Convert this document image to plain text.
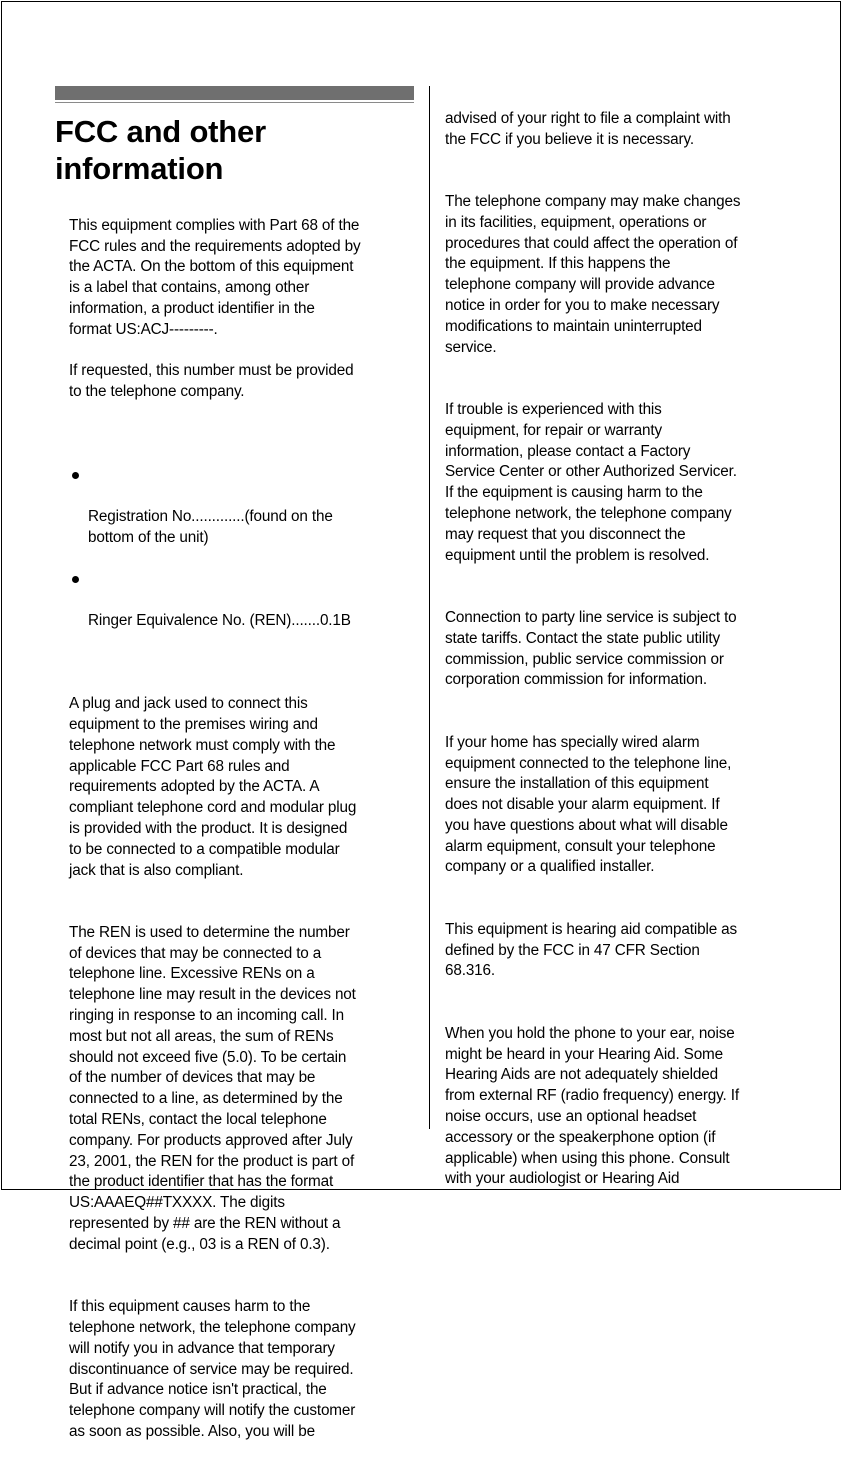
FCC and other
information

This equipment complies with Part 68 of the
FCC rules and the requirements adopted by
the ACTA. On the bottom of this equipment
is a label that contains, among other
information, a product identifier in the
format US:ACJ---------.

If requested, this number must be provided
to the telephone company.

Registration No.............(found on the
bottom of the unit)

Ringer Equivalence No. (REN).......0.1B

A plug and jack used to connect this
equipment to the premises wiring and
telephone network must comply with the
applicable FCC Part 68 rules and
requirements adopted by the ACTA. A
compliant telephone cord and modular plug
is provided with the product. It is designed
to be connected to a compatible modular
jack that is also compliant.

The REN is used to determine the number
of devices that may be connected to a
telephone line. Excessive RENs on a
telephone line may result in the devices not
ringing in response to an incoming call. In
most but not all areas, the sum of RENs
should not exceed five (5.0). To be certain
of the number of devices that may be
connected to a line, as determined by the
total RENs, contact the local telephone
company. For products approved after July
23, 2001, the REN for the product is part of
the product identifier that has the format
US:AAAEQ##TXXXX. The digits
represented by ## are the REN without a
decimal point (e.g., 03 is a REN of 0.3).

If this equipment causes harm to the
telephone network, the telephone company
will notify you in advance that temporary
discontinuance of service may be required.
But if advance notice isn't practical, the
telephone company will notify the customer
as soon as possible. Also, you will be

advised of your right to file a complaint with
the FCC if you believe it is necessary.

The telephone company may make changes
in its facilities, equipment, operations or
procedures that could affect the operation of
the equipment. If this happens the
telephone company will provide advance
notice in order for you to make necessary
modifications to maintain uninterrupted
service.

If trouble is experienced with this
equipment, for repair or warranty
information, please contact a Factory
Service Center or other Authorized Servicer.
If the equipment is causing harm to the
telephone network, the telephone company
may request that you disconnect the
equipment until the problem is resolved.

Connection to party line service is subject to
state tariffs. Contact the state public utility
commission, public service commission or
corporation commission for information.

If your home has specially wired alarm
equipment connected to the telephone line,
ensure the installation of this equipment
does not disable your alarm equipment. If
you have questions about what will disable
alarm equipment, consult your telephone
company or a qualified installer.

This equipment is hearing aid compatible as
defined by the FCC in 47 CFR Section
68.316.

When you hold the phone to your ear, noise
might be heard in your Hearing Aid. Some
Hearing Aids are not adequately shielded
from external RF (radio frequency) energy. If
noise occurs, use an optional headset
accessory or the speakerphone option (if
applicable) when using this phone. Consult
with your audiologist or Hearing Aid
